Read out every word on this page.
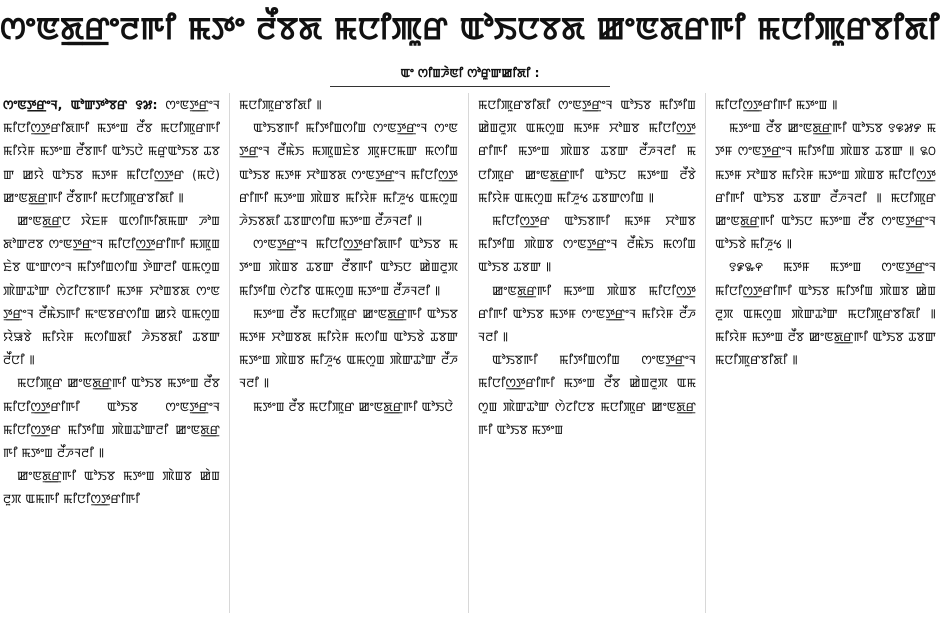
ꯁꯦꯟꯗ꯭ꯔꯦꯂꯒꯤ ꯃꯇꯦ ꯂꯩꯕꯗ ꯃꯅꯤꯄꯨꯔ ꯑꯣꯏꯅꯕꯗ ꯀꯦꯟꯗꯔꯒꯤ ꯃꯅꯤꯄꯨꯔꯕꯤꯗꯤ
ꯑꯦ ꯁꯤꯡꯍꯥꯟꯤ ꯁꯣꯔꯨꯛꯀꯤꯗꯤ :

ꯁꯦꯟꯇ꯭ꯔꯦꯜ, ꯑꯣꯛꯇꯣꯕꯔ ꯱꯷: ꯁꯦꯟꯇ꯭ꯔꯦꯜ ꯃꯤꯅꯤꯁ꯭ꯇꯔꯤꯗꯒꯤ ꯃꯇꯦꯡ ꯂꯩꯕ ꯃꯅꯤꯄꯨꯔꯒꯤ ꯃꯤꯌꯥꯝ ꯃꯇꯦꯡ ꯂꯩꯕꯒꯤ ꯑꯣꯏꯅꯥ ꯃꯔꯨꯑꯣꯏꯕ ꯊꯕꯛ ꯀꯌꯥ ꯑꯣꯏꯕ ꯃꯇꯝ ꯃꯤꯅꯤꯁ꯭ꯇꯔ (ꯃꯅꯥ) ꯀꯦꯟꯗ꯭ꯔꯒꯤ ꯂꯩꯕꯒꯤ ꯃꯅꯤꯄꯨꯔꯕꯤꯗꯤ ꯫

ꯀꯦꯟꯗ꯭ꯔꯅ ꯋꯥꯐꯝ ꯑꯁꯤꯒꯤꯗꯃꯛ ꯍꯣꯡꯗꯣꯛꯂꯕ ꯁꯦꯟꯇ꯭ꯔꯦꯜ ꯃꯤꯅꯤꯁ꯭ꯇꯔꯤꯒꯤ ꯃꯄꯨꯡꯐꯥꯕ ꯑꯦꯛꯁꯦꯜ ꯃꯤꯇꯤꯡꯁꯤꯡ ꯇꯥꯛꯂꯤ ꯑꯃꯁꯨꯡ ꯄꯥꯛꯊꯣꯛ ꯁꯥꯖꯤꯅꯕꯒꯤ ꯃꯇꯝ ꯆꯣꯡꯕꯗ ꯁꯦꯟꯇ꯭ꯔꯦꯜ ꯂꯩꯃꯥꯏꯒꯤ ꯃꯦꯟꯕꯔꯁꯤꯡ ꯀꯌꯥ ꯑꯃꯁꯨꯡ ꯌꯥꯎꯕꯥ ꯃꯤꯌꯥꯝ ꯃꯁꯤꯡꯗꯤ ꯍꯥꯏꯕꯗꯤ ꯊꯕꯛ ꯂꯩꯅꯤ ꯫

ꯃꯅꯤꯄꯨꯔ ꯀꯦꯟꯗ꯭ꯔꯒꯤ ꯑꯣꯏꯕ ꯃꯇꯦꯡ ꯂꯩꯕ ꯃꯤꯅꯤꯁ꯭ꯇꯔꯤꯒꯤ ꯑꯣꯏꯕ ꯁꯦꯟꯇ꯭ꯔꯦꯜ ꯃꯤꯅꯤꯁ꯭ꯇꯔ ꯃꯤꯇꯤꯡ ꯄꯥꯡꯊꯣꯛꯂꯤ ꯀꯦꯟꯗ꯭ꯔꯒꯤ ꯃꯇꯦꯡ ꯂꯩꯍꯜꯂꯤ ꯫

ꯀꯦꯟꯗ꯭ꯔꯒꯤ ꯑꯣꯏꯕ ꯃꯇꯦꯡ ꯄꯥꯡꯕ ꯀꯥꯡꯂꯨꯞ ꯑꯃꯒꯤ ꯃꯤꯅꯤꯁ꯭ꯇꯔꯤꯒꯤ

ꯃꯅꯤꯄꯨꯔꯕꯤꯗꯤ ꯫

ꯑꯣꯏꯕꯒꯤ ꯃꯤꯇꯤꯡꯁꯤꯡ ꯁꯦꯟꯇ꯭ꯔꯦꯜ ꯁꯦꯟꯇ꯭ꯔꯦꯜ ꯂꯩꯃꯥꯏ ꯃꯄꯨꯡꯐꯥꯕ ꯄꯨꯝꯅꯃꯛ ꯃꯁꯤꯡ ꯑꯣꯏꯕ ꯃꯇꯝ ꯆꯣꯡꯕꯗ ꯁꯦꯟꯇ꯭ꯔꯦꯜ ꯃꯤꯅꯤꯁ꯭ꯇꯔꯤꯒꯤ ꯃꯇꯦꯡ ꯄꯥꯡꯕ ꯃꯤꯌꯥꯝ ꯃꯤꯍꯨꯠ ꯑꯃꯁꯨꯡ ꯍꯥꯏꯕꯗꯤ ꯊꯕꯛꯁꯤꯡ ꯃꯇꯦꯡ ꯂꯩꯍꯜꯂꯤ ꯫

ꯁꯦꯟꯇ꯭ꯔꯦꯜ ꯃꯤꯅꯤꯁ꯭ꯇꯔꯤꯗꯒꯤ ꯑꯣꯏꯕ ꯃꯇꯦꯡ ꯄꯥꯡꯕ ꯊꯕꯛ ꯂꯩꯕꯒꯤ ꯑꯣꯏꯅ ꯀꯥꯡꯂꯨꯞ ꯃꯤꯇꯤꯡ ꯁꯥꯖꯤꯕ ꯑꯃꯁꯨꯡ ꯃꯇꯦꯡ ꯂꯩꯍꯜꯂꯤ ꯫

ꯃꯇꯦꯡ ꯂꯩꯕ ꯃꯅꯤꯄꯨꯔ ꯀꯦꯟꯗ꯭ꯔꯒꯤ ꯑꯣꯏꯕ ꯃꯇꯝ ꯆꯣꯡꯕꯗ ꯃꯤꯌꯥꯝ ꯃꯁꯤꯡ ꯑꯣꯏꯕꯥ ꯊꯕꯛ ꯃꯇꯦꯡ ꯄꯥꯡꯕ ꯃꯤꯍꯨꯠ ꯑꯃꯁꯨꯡ ꯄꯥꯛꯊꯣꯛ ꯂꯩꯍꯜꯂꯤ ꯫

ꯃꯇꯦꯡ ꯂꯩꯕ ꯃꯅꯤꯄꯨꯔ ꯀꯦꯟꯗ꯭ꯔꯒꯤ ꯑꯣꯏꯅꯥ

ꯃꯅꯤꯄꯨꯔꯕꯤꯗꯤ ꯁꯦꯟꯇ꯭ꯔꯦꯜ ꯑꯣꯏꯕ ꯃꯤꯇꯤꯡ ꯀꯥꯡꯂꯨꯞ ꯑꯃꯁꯨꯡ ꯃꯇꯝ ꯆꯣꯡꯕ ꯃꯤꯅꯤꯁ꯭ꯇꯔꯤꯒꯤ ꯃꯇꯦꯡ ꯄꯥꯡꯕ ꯊꯕꯛ ꯂꯩꯍꯜꯂꯤ ꯃꯅꯤꯄꯨꯔ ꯀꯦꯟꯗ꯭ꯔꯒꯤ ꯑꯣꯏꯅ ꯃꯇꯦꯡ ꯂꯩꯕꯥ ꯃꯤꯌꯥꯝ ꯑꯃꯁꯨꯡ ꯃꯤꯍꯨꯠ ꯊꯕꯛꯁꯤꯡ ꯫

ꯃꯤꯅꯤꯁ꯭ꯇꯔ ꯑꯣꯏꯕꯒꯤ ꯃꯇꯝ ꯆꯣꯡꯕ ꯃꯤꯇꯤꯡ ꯄꯥꯡꯕ ꯁꯦꯟꯇ꯭ꯔꯦꯜ ꯂꯩꯃꯥꯏ ꯃꯁꯤꯡ ꯑꯣꯏꯕ ꯊꯕꯛ ꯫

ꯀꯦꯟꯗ꯭ꯔꯒꯤ ꯃꯇꯦꯡ ꯄꯥꯡꯕ ꯃꯤꯅꯤꯁ꯭ꯇꯔꯤꯒꯤ ꯑꯣꯏꯕ ꯃꯇꯝ ꯁꯦꯟꯇ꯭ꯔꯦꯜ ꯃꯤꯌꯥꯝ ꯂꯩꯍꯜꯂꯤ ꯫

ꯑꯣꯏꯕꯒꯤ ꯃꯤꯇꯤꯡꯁꯤꯡ ꯁꯦꯟꯇ꯭ꯔꯦꯜ ꯃꯤꯅꯤꯁ꯭ꯇꯔꯤꯒꯤ ꯃꯇꯦꯡ ꯂꯩꯕ ꯀꯥꯡꯂꯨꯞ ꯑꯃꯁꯨꯡ ꯄꯥꯛꯊꯣꯛ ꯁꯥꯖꯤꯅꯕ ꯃꯅꯤꯄꯨꯔ ꯀꯦꯟꯗ꯭ꯔꯒꯤ ꯑꯣꯏꯕ ꯃꯇꯦꯡ

ꯃꯤꯅꯤꯁ꯭ꯇꯔꯤꯒꯤ ꯃꯇꯦꯡ ꯫

ꯃꯇꯦꯡ ꯂꯩꯕ ꯀꯦꯟꯗ꯭ꯔꯒꯤ ꯑꯣꯏꯕ ꯱꯶꯷꯸ ꯃꯇꯝ ꯁꯦꯟꯇ꯭ꯔꯦꯜ ꯃꯤꯇꯤꯡ ꯄꯥꯡꯕ ꯊꯕꯛ ꯫ ꯲꯰ ꯃꯇꯝ ꯆꯣꯡꯕ ꯃꯤꯌꯥꯝ ꯃꯇꯦꯡ ꯄꯥꯡꯕ ꯃꯤꯅꯤꯁ꯭ꯇꯔꯤꯒꯤ ꯑꯣꯏꯕ ꯊꯕꯛ ꯂꯩꯍꯜꯂꯤ ꯫ ꯃꯅꯤꯄꯨꯔ ꯀꯦꯟꯗ꯭ꯔꯒꯤ ꯑꯣꯏꯅ ꯃꯇꯦꯡ ꯂꯩꯕ ꯁꯦꯟꯇ꯭ꯔꯦꯜ ꯑꯣꯏꯕꯥ ꯃꯤꯍꯨꯠ ꯫

꯱꯹꯳꯵ ꯃꯇꯝ ꯃꯇꯦꯡ ꯁꯦꯟꯇ꯭ꯔꯦꯜ ꯃꯤꯅꯤꯁ꯭ꯇꯔꯤꯒꯤ ꯑꯣꯏꯕ ꯃꯤꯇꯤꯡ ꯄꯥꯡꯕ ꯀꯥꯡꯂꯨꯞ ꯑꯃꯁꯨꯡ ꯄꯥꯛꯊꯣꯛ ꯃꯅꯤꯄꯨꯔꯕꯤꯗꯤ ꯫ ꯃꯤꯌꯥꯝ ꯃꯇꯦꯡ ꯂꯩꯕ ꯀꯦꯟꯗ꯭ꯔꯒꯤ ꯑꯣꯏꯕ ꯊꯕꯛ ꯃꯅꯤꯄꯨꯔꯕꯤꯗꯤ ꯫
